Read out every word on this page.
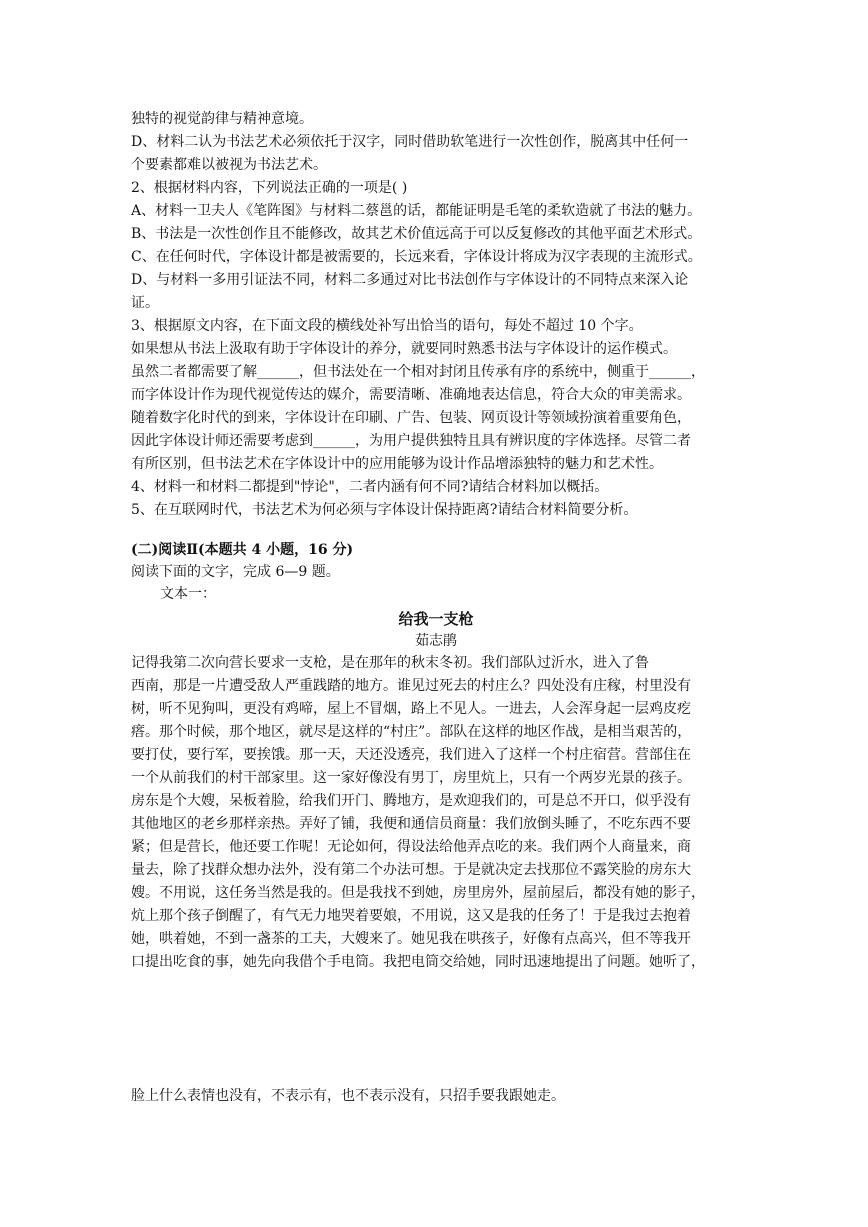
独特的视觉韵律与精神意境。
D、材料二认为书法艺术必须依托于汉字，同时借助软笔进行一次性创作，脱离其中任何一
个要素都难以被视为书法艺术。
2、根据材料内容，下列说法正确的一项是( )
A、材料一卫夫人《笔阵图》与材料二蔡邕的话，都能证明是毛笔的柔软造就了书法的魅力。
B、书法是一次性创作且不能修改，故其艺术价值远高于可以反复修改的其他平面艺术形式。
C、在任何时代，字体设计都是被需要的，长远来看，字体设计将成为汉字表现的主流形式。
D、与材料一多用引证法不同，材料二多通过对比书法创作与字体设计的不同特点来深入论
证。
3、根据原文内容，在下面文段的横线处补写出恰当的语句，每处不超过 10 个字。
如果想从书法上汲取有助于字体设计的养分，就要同时熟悉书法与字体设计的运作模式。
虽然二者都需要了解______，但书法处在一个相对封闭且传承有序的系统中，侧重于______，
而字体设计作为现代视觉传达的媒介，需要清晰、准确地表达信息，符合大众的审美需求。
随着数字化时代的到来，字体设计在印刷、广告、包装、网页设计等领域扮演着重要角色，
因此字体设计师还需要考虑到______，为用户提供独特且具有辨识度的字体选择。尽管二者
有所区别，但书法艺术在字体设计中的应用能够为设计作品增添独特的魅力和艺术性。
4、材料一和材料二都提到"悖论"，二者内涵有何不同?请结合材料加以概括。
5、在互联网时代，书法艺术为何必须与字体设计保持距离?请结合材料简要分析。
(二)阅读Ⅱ(本题共 4 小题，16 分)
阅读下面的文字，完成 6—9 题。
文本一：
给我一支枪
茹志鹃
记得我第二次向营长要求一支枪，是在那年的秋末冬初。我们部队过沂水，进入了鲁
西南，那是一片遭受敌人严重践踏的地方。谁见过死去的村庄么？四处没有庄稼，村里没有
树，听不见狗叫，更没有鸡啼，屋上不冒烟，路上不见人。一进去，人会浑身起一层鸡皮疙
瘩。那个时候，那个地区，就尽是这样的“村庄”。部队在这样的地区作战，是相当艰苦的，
要打仗，要行军，要挨饿。那一天，天还没透亮，我们进入了这样一个村庄宿营。营部住在
一个从前我们的村干部家里。这一家好像没有男丁，房里炕上，只有一个两岁光景的孩子。
房东是个大嫂，呆板着脸，给我们开门、腾地方，是欢迎我们的，可是总不开口，似乎没有
其他地区的老乡那样亲热。弄好了铺，我便和通信员商量：我们放倒头睡了，不吃东西不要
紧；但是营长，他还要工作呢！无论如何，得设法给他弄点吃的来。我们两个人商量来，商
量去，除了找群众想办法外，没有第二个办法可想。于是就决定去找那位不露笑脸的房东大
嫂。不用说，这任务当然是我的。但是我找不到她，房里房外，屋前屋后，都没有她的影子，
炕上那个孩子倒醒了，有气无力地哭着要娘，不用说，这又是我的任务了！于是我过去抱着
她，哄着她，不到一盏茶的工夫，大嫂来了。她见我在哄孩子，好像有点高兴，但不等我开
口提出吃食的事，她先向我借个手电筒。我把电筒交给她，同时迅速地提出了问题。她听了，
脸上什么表情也没有，不表示有，也不表示没有，只招手要我跟她走。
